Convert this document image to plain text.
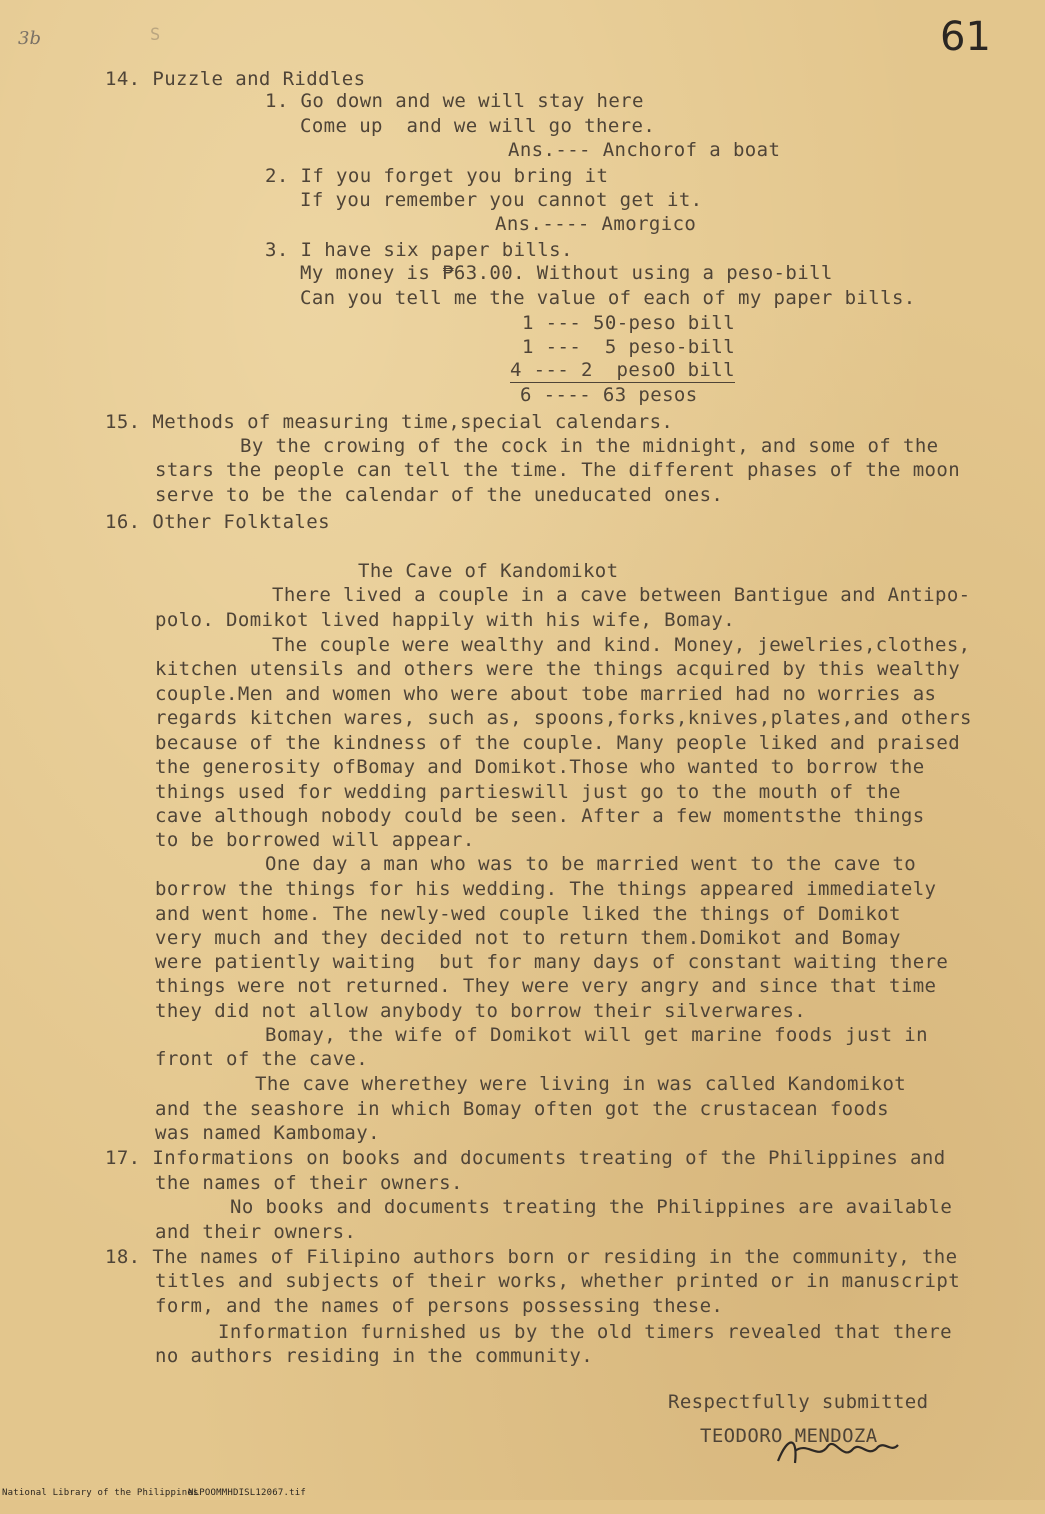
3b	61
S
14. Puzzle and Riddles
1. Go down and we will stay here
Come up  and we will go there.
Ans.--- Anchorof a boat
2. If you forget you bring it
If you remember you cannot get it.
Ans.---- Amorgico
3. I have six paper bills.
My money is ₱63.00. Without using a peso-bill
Can you tell me the value of each of my paper bills.
1 --- 50-peso bill
1 ---  5 peso-bill
4 --- 2  pesoO bill
6 ---- 63 pesos
15. Methods of measuring time,special calendars.
By the crowing of the cock in the midnight, and some of the
stars the people can tell the time. The different phases of the moon
serve to be the calendar of the uneducated ones.
16. Other Folktales
The Cave of Kandomikot
There lived a couple in a cave between Bantigue and Antipo-
polo. Domikot lived happily with his wife, Bomay.
The couple were wealthy and kind. Money, jewelries,clothes,
kitchen utensils and others were the things acquired by this wealthy
couple.Men and women who were about tobe married had no worries as
regards kitchen wares, such as, spoons,forks,knives,plates,and others
because of the kindness of the couple. Many people liked and praised
the generosity ofBomay and Domikot.Those who wanted to borrow the
things used for wedding partieswill just go to the mouth of the
cave although nobody could be seen. After a few momentsthe things
to be borrowed will appear.
One day a man who was to be married went to the cave to
borrow the things for his wedding. The things appeared immediately
and went home. The newly-wed couple liked the things of Domikot
very much and they decided not to return them.Domikot and Bomay
were patiently waiting  but for many days of constant waiting there
things were not returned. They were very angry and since that time
they did not allow anybody to borrow their silverwares.
Bomay, the wife of Domikot will get marine foods just in
front of the cave.
The cave wherethey were living in was called Kandomikot
and the seashore in which Bomay often got the crustacean foods
was named Kambomay.
17. Informations on books and documents treating of the Philippines and
the names of their owners.
No books and documents treating the Philippines are available
and their owners.
18. The names of Filipino authors born or residing in the community, the
titles and subjects of their works, whether printed or in manuscript
form, and the names of persons possessing these.
Information furnished us by the old timers revealed that there
no authors residing in the community.
Respectfully submitted

TEODORO MENDOZA
National Library of the Philippines
NLPOOMMHDISL12067.tif
